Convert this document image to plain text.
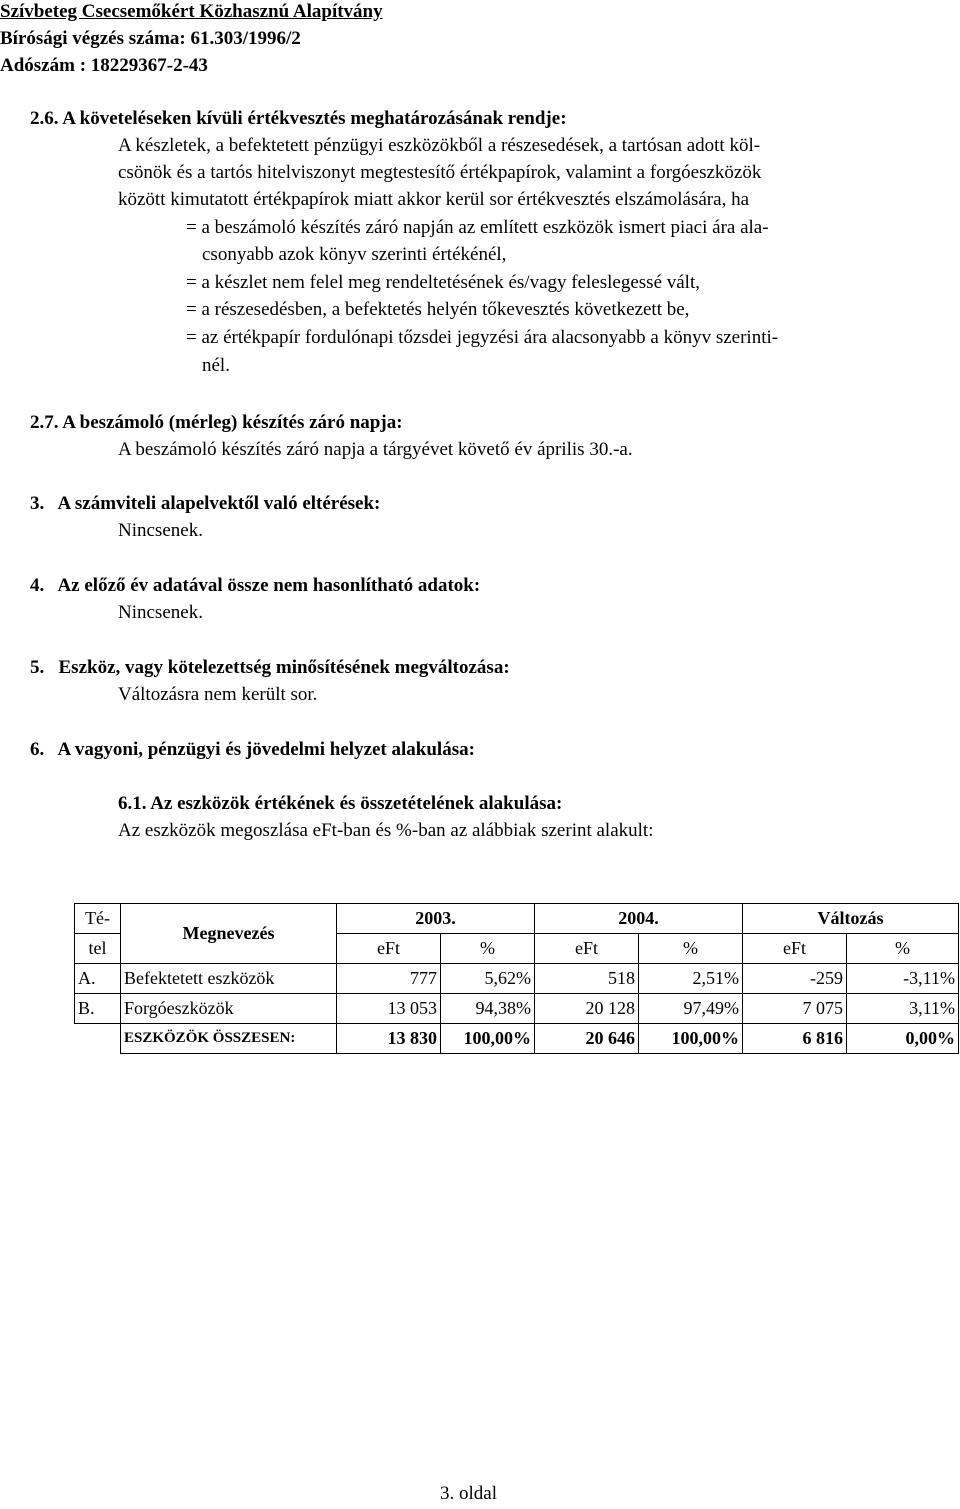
Szívbeteg Csecsemőkért Közhasznú Alapítvány
Bírósági végzés száma: 61.303/1996/2
Adószám : 18229367-2-43
2.6. A követeléseken kívüli értékvesztés meghatározásának rendje:
A készletek, a befektetett pénzügyi eszközökből a részesedések, a tartósan adott köl-
csönök és a tartós hitelviszonyt megtestesítő értékpapírok, valamint a forgóeszközök
között kimutatott értékpapírok miatt akkor kerül sor értékvesztés elszámolására, ha
= a beszámoló készítés záró napján az említett eszközök ismert piaci ára ala-
csonyabb azok könyv szerinti értékénél,
= a készlet nem felel meg rendeltetésének és/vagy feleslegessé vált,
= a részesedésben, a befektetés helyén tőkevesztés következett be,
= az értékpapír fordulónapi tőzsdei jegyzési ára alacsonyabb a könyv szerinti-
nél.
2.7. A beszámoló (mérleg) készítés záró napja:
A beszámoló készítés záró napja a tárgyévet követő év április 30.-a.
3.   A számviteli alapelvektől való eltérések:
Nincsenek.
4.   Az előző év adatával össze nem hasonlítható adatok:
Nincsenek.
5.   Eszköz, vagy kötelezettség minősítésének megváltozása:
Változásra nem került sor.
6.   A vagyoni, pénzügyi és jövedelmi helyzet alakulása:
6.1. Az eszközök értékének és összetételének alakulása:
Az eszközök megoszlása eFt-ban és %-ban az alábbiak szerint alakult:
Té-	Megnevezés	2003.		2004.		Változás	
tel		eFt	%	eFt	%	eFt	%
A.	Befektetett eszközök	777	5,62%	518	2,51%	-259	-3,11%
B.	Forgóeszközök	13 053	94,38%	20 128	97,49%	7 075	3,11%
	ESZKÖZÖK ÖSSZESEN:	13 830	100,00%	20 646	100,00%	6 816	0,00%
3. oldal
